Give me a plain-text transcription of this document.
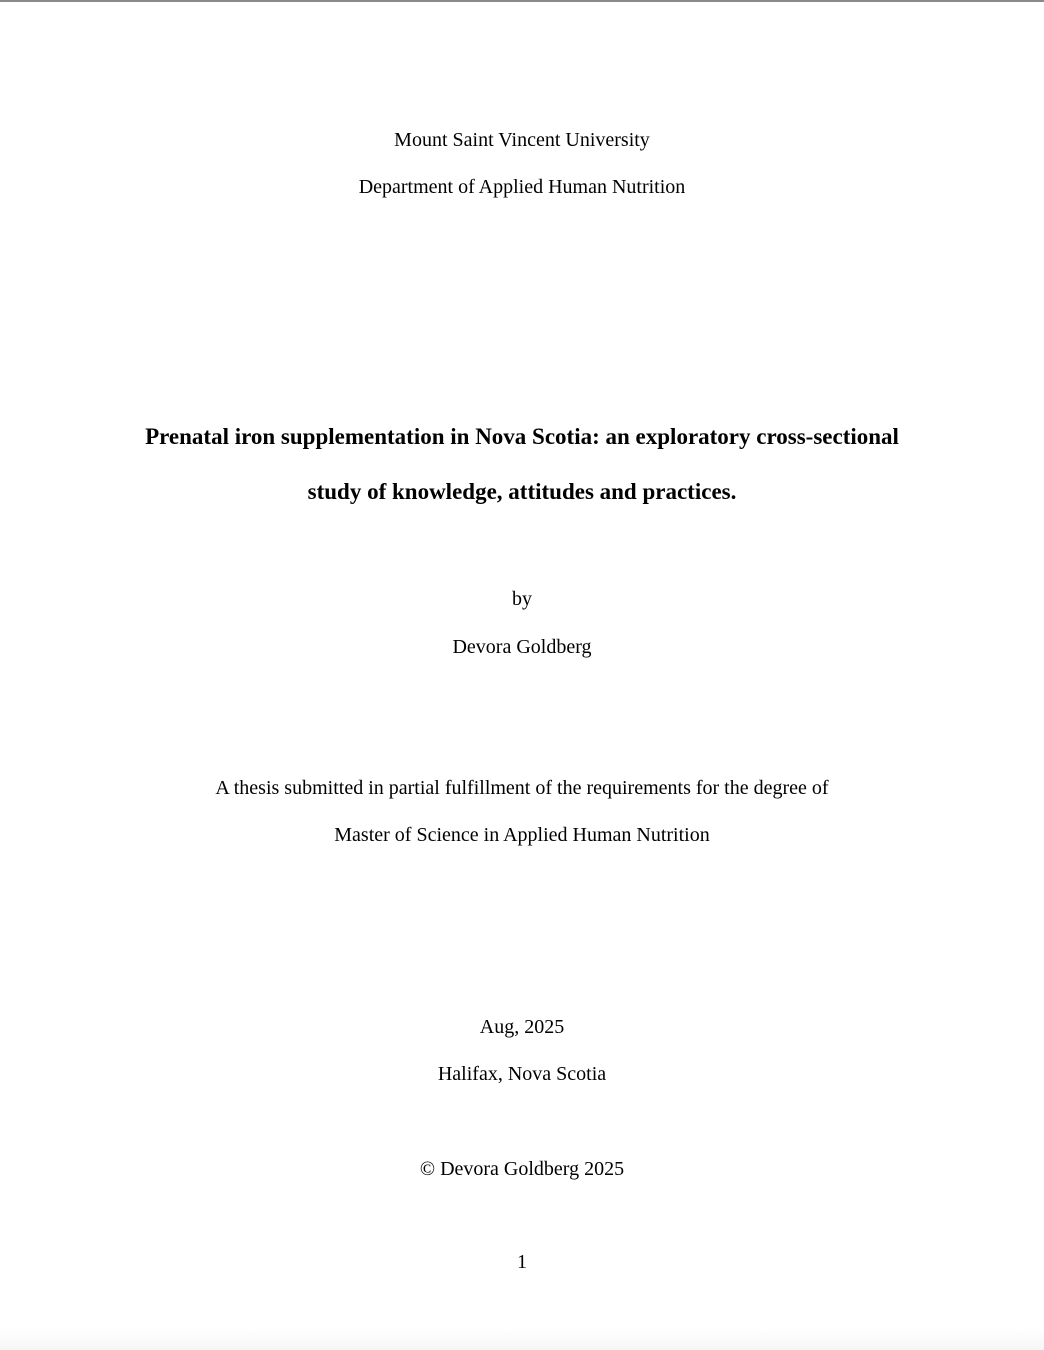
Mount Saint Vincent University
Department of Applied Human Nutrition
Prenatal iron supplementation in Nova Scotia: an exploratory cross-sectional
study of knowledge, attitudes and practices.
by
Devora Goldberg
A thesis submitted in partial fulfillment of the requirements for the degree of
Master of Science in Applied Human Nutrition
Aug, 2025
Halifax, Nova Scotia
© Devora Goldberg 2025
1
